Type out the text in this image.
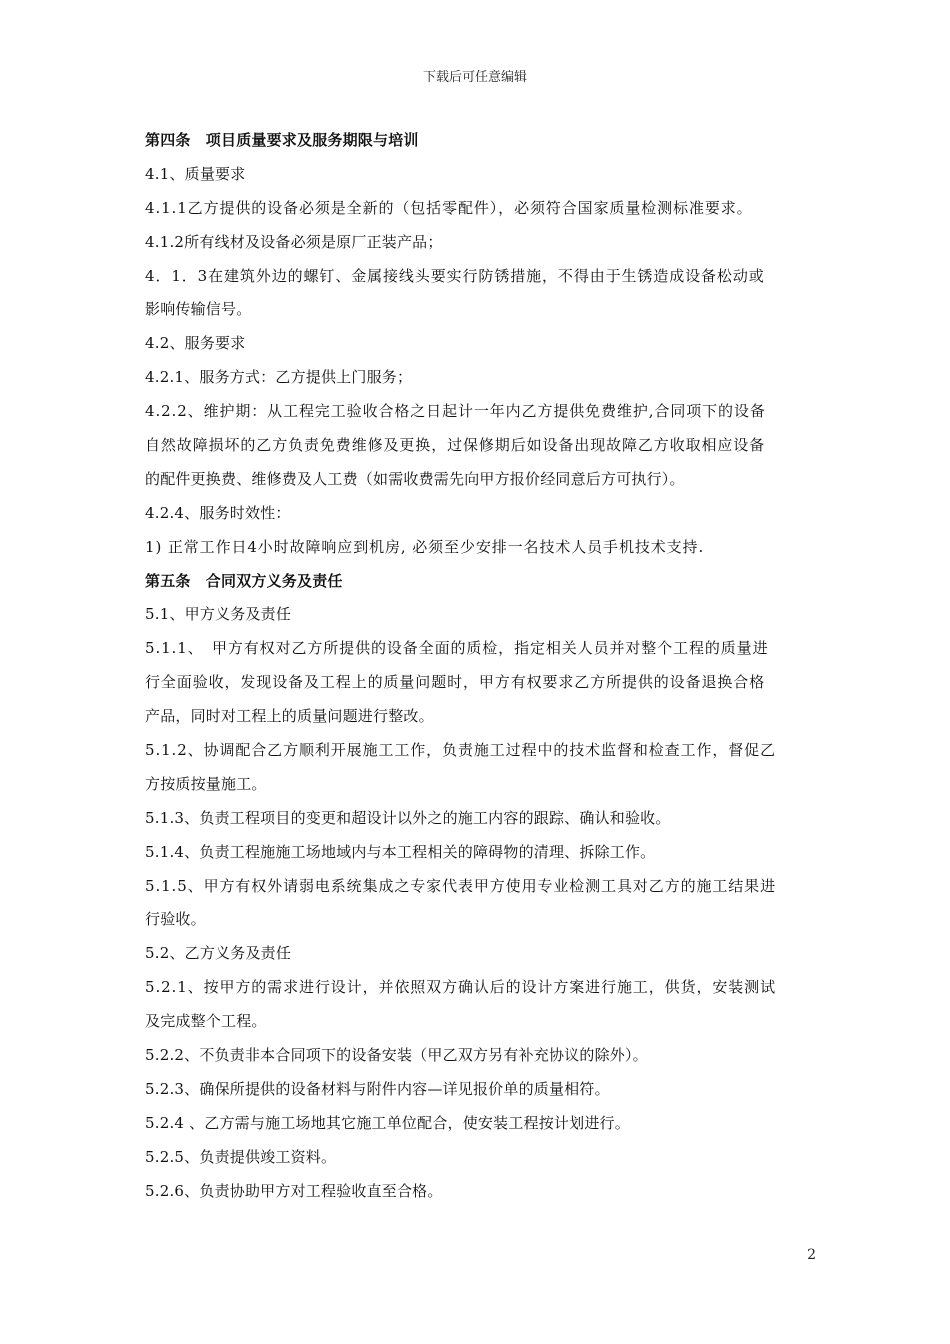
下载后可任意编辑
第四条　项目质量要求及服务期限与培训
4.1、质量要求
4.1.1乙方提供的设备必须是全新的（包括零配件），必须符合国家质量检测标准要求。
4.1.2所有线材及设备必须是原厂正装产品；
4．1．3在建筑外边的螺钉、金属接线头要实行防锈措施，不得由于生锈造成设备松动或
影响传输信号。
4.2、服务要求
4.2.1、服务方式：乙方提供上门服务；
4.2.2、维护期：从工程完工验收合格之日起计一年内乙方提供免费维护,合同项下的设备
自然故障损坏的乙方负责免费维修及更换，过保修期后如设备出现故障乙方收取相应设备
的配件更换费、维修费及人工费（如需收费需先向甲方报价经同意后方可执行）。
4.2.4、服务时效性：
1) 正常工作日4小时故障响应到机房, 必须至少安排一名技术人员手机技术支持.
第五条　合同双方义务及责任
5.1、甲方义务及责任
5.1.1、　甲方有权对乙方所提供的设备全面的质检，指定相关人员并对整个工程的质量进
行全面验收，发现设备及工程上的质量问题时，甲方有权要求乙方所提供的设备退换合格
产品，同时对工程上的质量问题进行整改。
5.1.2、协调配合乙方顺利开展施工工作，负责施工过程中的技术监督和检查工作，督促乙
方按质按量施工。
5.1.3、负责工程项目的变更和超设计以外之的施工内容的跟踪、确认和验收。
5.1.4、负责工程施施工场地域内与本工程相关的障碍物的清理、拆除工作。
5.1.5、甲方有权外请弱电系统集成之专家代表甲方使用专业检测工具对乙方的施工结果进
行验收。
5.2、乙方义务及责任
5.2.1、按甲方的需求进行设计，并依照双方确认后的设计方案进行施工，供货，安装测试
及完成整个工程。
5.2.2、不负责非本合同项下的设备安装（甲乙双方另有补充协议的除外）。
5.2.3、确保所提供的设备材料与附件内容—详见报价单的质量相符。
5.2.4 、乙方需与施工场地其它施工单位配合，使安装工程按计划进行。
5.2.5、负责提供竣工资料。
5.2.6、负责协助甲方对工程验收直至合格。
2
